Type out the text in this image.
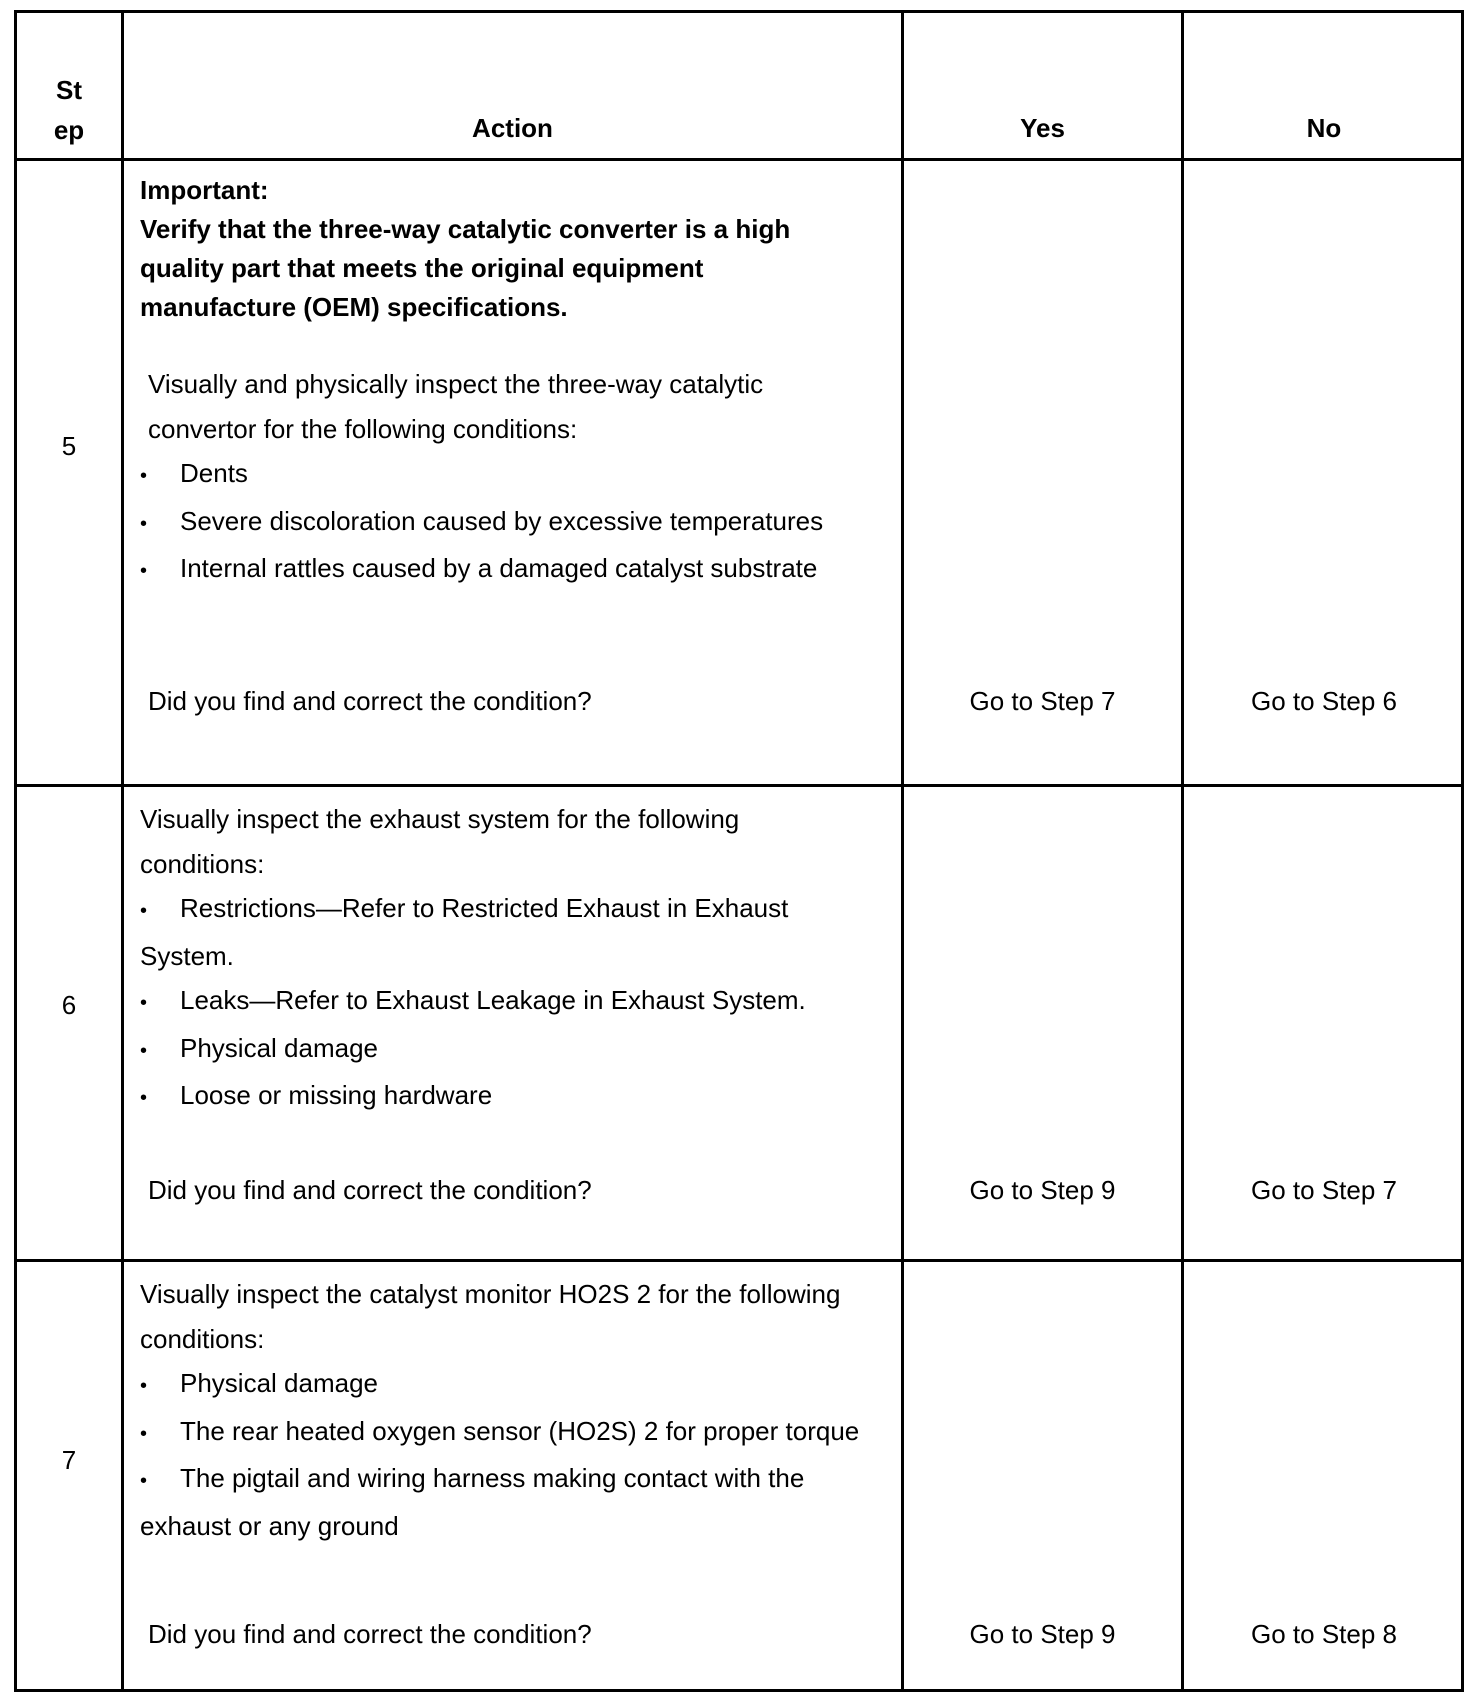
St
ep	Action	Yes	No
5
Important:
Verify that the three-way catalytic converter is a high quality part that meets the original equipment manufacture (OEM) specifications.
Visually and physically inspect the three-way catalytic convertor for the following conditions:
• Dents
• Severe discoloration caused by excessive temperatures
• Internal rattles caused by a damaged catalyst substrate
Did you find and correct the condition?	Go to Step 7	Go to Step 6
6
Visually inspect the exhaust system for the following conditions:
• Restrictions—Refer to Restricted Exhaust in Exhaust System.
• Leaks—Refer to Exhaust Leakage in Exhaust System.
• Physical damage
• Loose or missing hardware
Did you find and correct the condition?	Go to Step 9	Go to Step 7
7
Visually inspect the catalyst monitor HO2S 2 for the following conditions:
• Physical damage
• The rear heated oxygen sensor (HO2S) 2 for proper torque
• The pigtail and wiring harness making contact with the exhaust or any ground
Did you find and correct the condition?	Go to Step 9	Go to Step 8
